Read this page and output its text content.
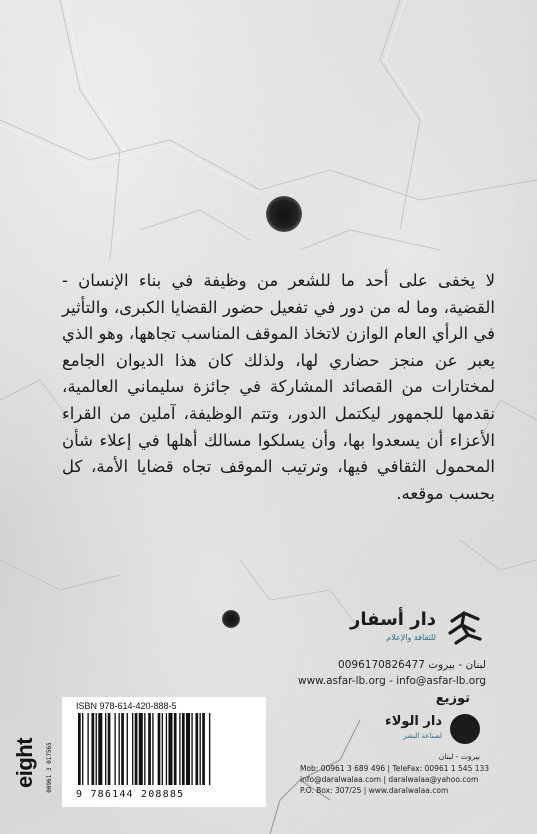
لا يخفى على أحد ما للشعر من وظيفة في بناء الإنسان - القضية، وما له من دور في تفعيل حضور القضايا الكبرى، والتأثير في الرأي العام الوازن لاتخاذ الموقف المناسب تجاهها، وهو الذي يعبر عن منجز حضاري لها، ولذلك كان هذا الديوان الجامع لمختارات من القصائد المشاركة في جائزة سليماني العالمية، نقدمها للجمهور ليكتمل الدور، وتتم الوظيفة، آملين من القراء الأعزاء أن يسعدوا بها، وأن يسلكوا مسالك أهلها في إعلاء شأن المحمول الثقافي فيها، وترتيب الموقف تجاه قضايا الأمة، كل بحسب موقعه.
دار أسفار
للثقافة والإعلام
لبنان - بيروت 0096170826477
www.asfar-lb.org - info@asfar-lb.org
eight 00961 3 017565
ISBN 978-614-420-888-5
9 786144 208885
توزيع
دار الولاء
لصناعة النشر
بيروت - لبنان
Mob: 00961 3 689 496 | TeleFax: 00961 1 545 133
info@daralwalaa.com | daralwalaa@yahoo.com
P.O. Box: 307/25 | www.daralwalaa.com
